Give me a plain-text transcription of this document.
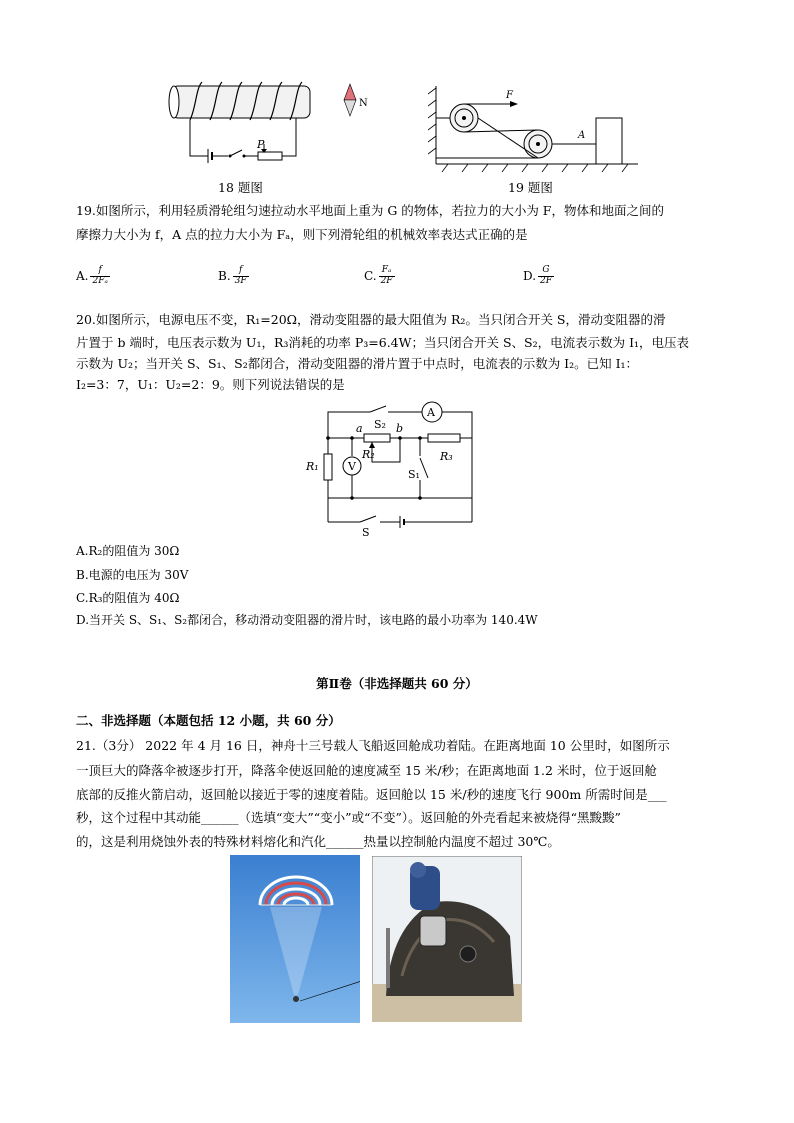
P
N
18 题图
F
A
19 题图
19.如图所示，利用轻质滑轮组匀速拉动水平地面上重为 G 的物体，若拉力的大小为 F，物体和地面之间的
摩擦力大小为 f，A 点的拉力大小为 Fₐ，则下列滑轮组的机械效率表达式正确的是
A. $\frac{f}{\text{2Fₐ}}$	B. $\frac{f}{3F}$	C. $\frac{\text{Fₐ}}{2F}$	D. $\frac{G}{2F}$
20.如图所示，电源电压不变，R₁=20Ω，滑动变阻器的最大阻值为 R₂。当只闭合开关 S，滑动变阻器的滑
片置于 b 端时，电压表示数为 U₁，R₃消耗的功率 P₃=6.4W；当只闭合开关 S、S₂，电流表示数为 I₁，电压表
示数为 U₂；当开关 S、S₁、S₂都闭合，滑动变阻器的滑片置于中点时，电流表的示数为 I₂。已知 I₁：
I₂=3：7，U₁：U₂=2：9。则下列说法错误的是
S₂
A
a	b
R₂	R₃
R₁	V
S₁
S
A.R₂的阻值为 30Ω
B.电源的电压为 30V
C.R₃的阻值为 40Ω
D.当开关 S、S₁、S₂都闭合，移动滑动变阻器的滑片时，该电路的最小功率为 140.4W
第Ⅱ卷（非选择题共 60 分）
二、非选择题（本题包括 12 小题，共 60 分）
21.（3分） 2022 年 4 月 16 日，神舟十三号载人飞船返回舱成功着陆。在距离地面 10 公里时，如图所示
一顶巨大的降落伞被逐步打开，降落伞使返回舱的速度减至 15 米/秒；在距离地面 1.2 米时，位于返回舱
底部的反推火箭启动，返回舱以接近于零的速度着陆。返回舱以 15 米/秒的速度飞行 900m 所需时间是___
秒，这个过程中其动能______（选填“变大”“变小”或“不变”）。返回舱的外壳看起来被烧得“黑黢黢”
的，这是利用烧蚀外表的特殊材料熔化和汽化______热量以控制舱内温度不超过 30℃。
